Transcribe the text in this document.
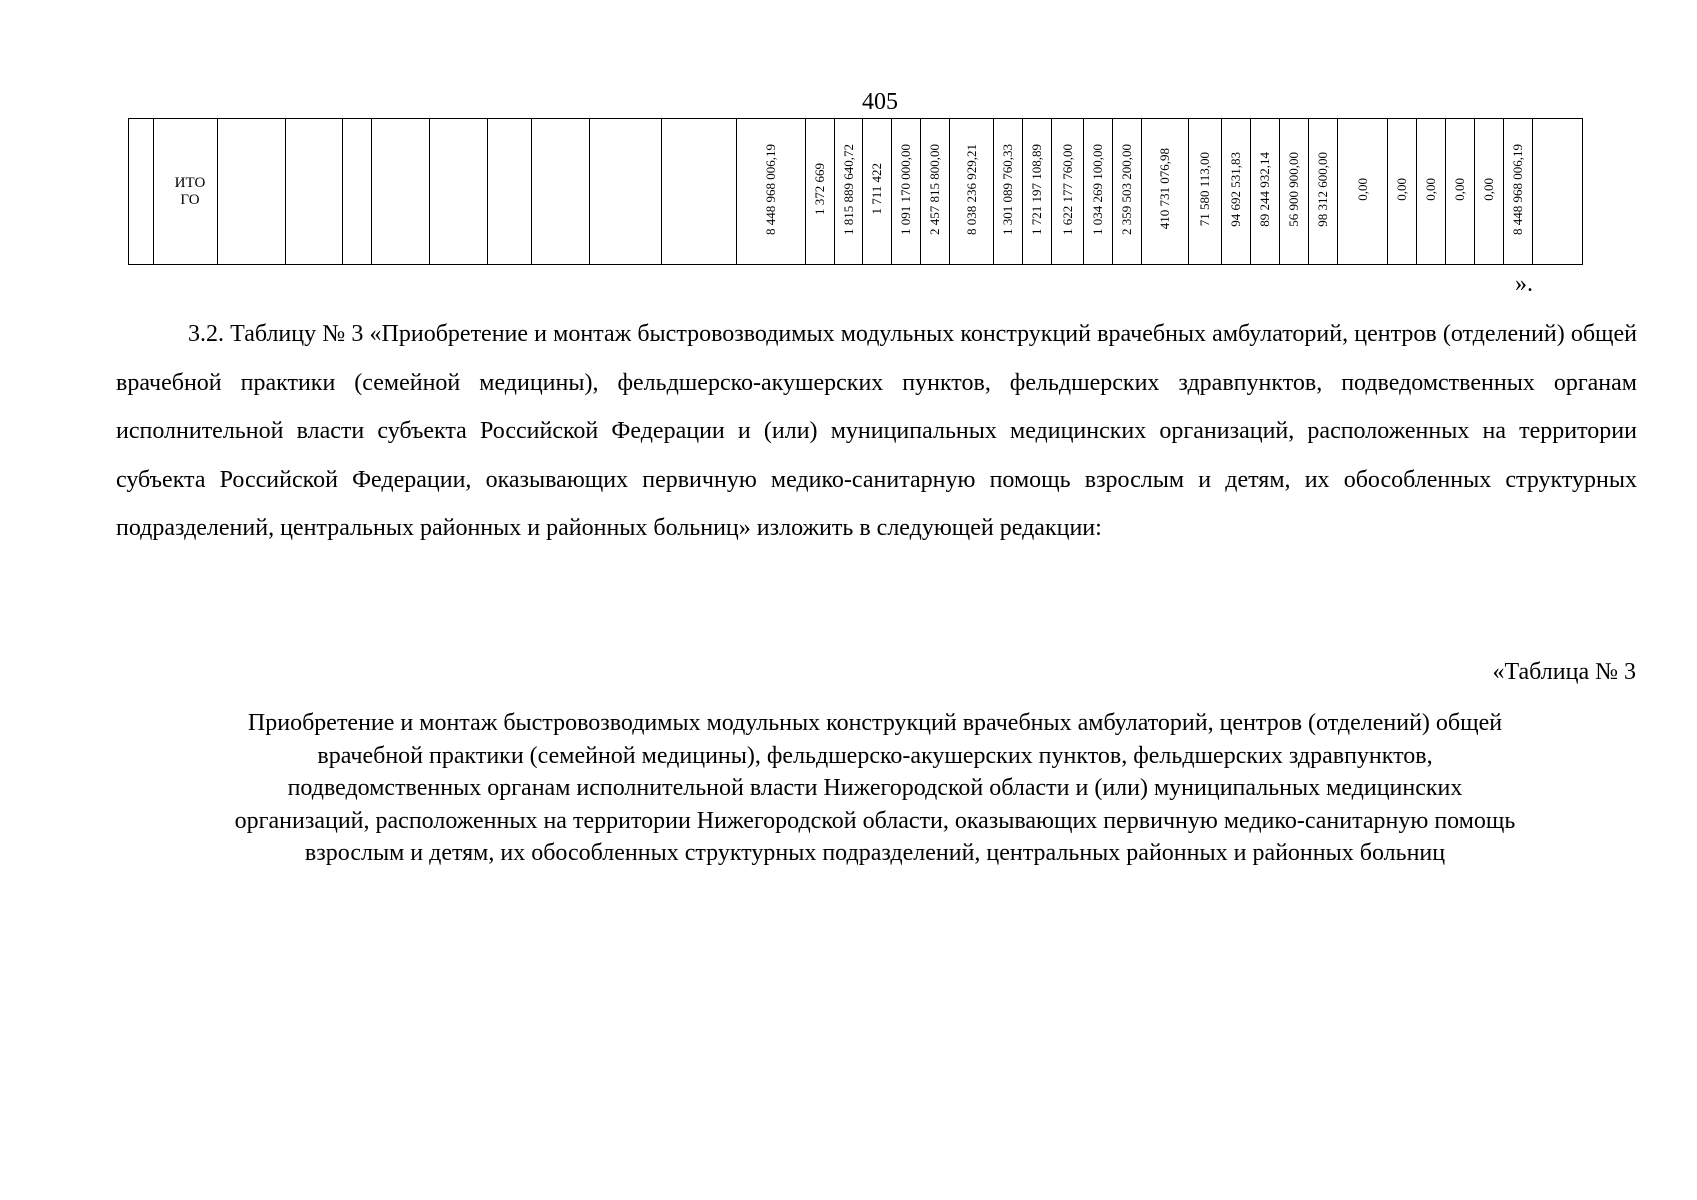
405

ИТО
ГО										8 448 968 006,19	1 372 669	1 815 889 640,72	1 711 422	1 091 170 000,00	2 457 815 800,00	8 038 236 929,21	1 301 089 760,33	1 721 197 108,89	1 622 177 760,00	1 034 269 100,00	2 359 503 200,00	410 731 076,98	71 580 113,00	94 692 531,83	89 244 932,14	56 900 900,00	98 312 600,00	0,00	0,00	0,00	0,00	0,00	8 448 968 006,19	
».

3.2. Таблицу № 3 «Приобретение и монтаж быстровозводимых модульных конструкций врачебных амбулаторий, центров (отделений) общей врачебной практики (семейной медицины), фельдшерско-акушерских пунктов, фельдшерских здравпунктов, подведомственных органам исполнительной власти субъекта Российской Федерации и (или) муниципальных медицинских организаций, расположенных на территории субъекта Российской Федерации, оказывающих первичную медико-санитарную помощь взрослым и детям, их обособленных структурных подразделений, центральных районных и районных больниц» изложить в следующей редакции:

«Таблица № 3
Приобретение и монтаж быстровозводимых модульных конструкций врачебных амбулаторий, центров (отделений) общей
врачебной практики (семейной медицины), фельдшерско-акушерских пунктов, фельдшерских здравпунктов,
подведомственных органам исполнительной власти Нижегородской области и (или) муниципальных медицинских
организаций, расположенных на территории Нижегородской области, оказывающих первичную медико-санитарную помощь
взрослым и детям, их обособленных структурных подразделений, центральных районных и районных больниц
